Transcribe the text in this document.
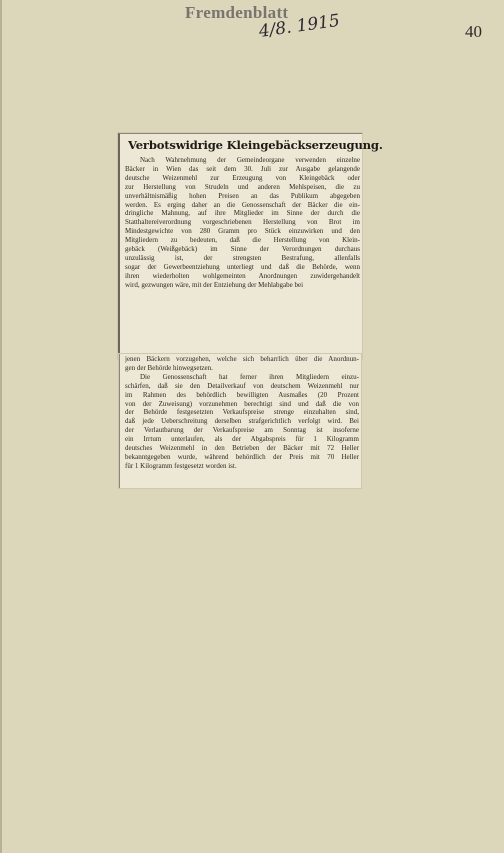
Fremdenblatt
4/8. 1915	40
Verbotswidrige Kleingebäckserzeugung.
Nach Wahrnehmung der Gemeindeorgane verwenden einzelne
Bäcker in Wien das seit dem 30. Juli zur Ausgabe gelangende
deutsche Weizenmehl zur Erzeugung von Kleingebäck oder
zur Herstellung von Strudeln und anderen Mehlspeisen, die zu
unverhältnismäßig hohen Preisen an das Publikum abgegeben
werden. Es erging daher an die Genossenschaft der Bäcker die ein-
dringliche Mahnung, auf ihre Mitglieder im Sinne der durch die
Statthaltereiverordnung vorgeschriebenen Herstellung von Brot im
Mindestgewichte von 280 Gramm pro Stück einzuwirken und den
Mitgliedern zu bedeuten, daß die Herstellung von Klein-
gebäck (Weißgebäck) im Sinne der Verordnungen durchaus
unzulässig ist, der strengsten Bestrafung, allenfalls
sogar der Gewerbeentziehung unterliegt und daß die Behörde, wenn
ihren wiederholten wohlgemeinten Anordnungen zuwidergehandelt
wird, gezwungen wäre, mit der Entziehung der Mehlabgabe bei
jenen Bäckern vorzugehen, welche sich beharrlich über die Anordnun-
gen der Behörde hinwegsetzen.
Die Genossenschaft hat ferner ihren Mitgliedern einzu-
schärfen, daß sie den Detailverkauf von deutschem Weizenmehl nur
im Rahmen des behördlich bewilligten Ausmaßes (20 Prozent
von der Zuweisung) vorzunehmen berechtigt sind und daß die von
der Behörde festgesetzten Verkaufspreise strenge einzuhalten sind,
daß jede Ueberschreitung derselben strafgerichtlich verfolgt wird. Bei
der Verlautbarung der Verkaufspreise am Sonntag ist insoferne
ein Irrtum unterlaufen, als der Abgabspreis für 1 Kilogramm
deutsches Weizenmehl in den Betrieben der Bäcker mit 72 Heller
bekanntgegeben wurde, während behördlich der Preis mit 70 Heller
für 1 Kilogramm festgesetzt worden ist.
